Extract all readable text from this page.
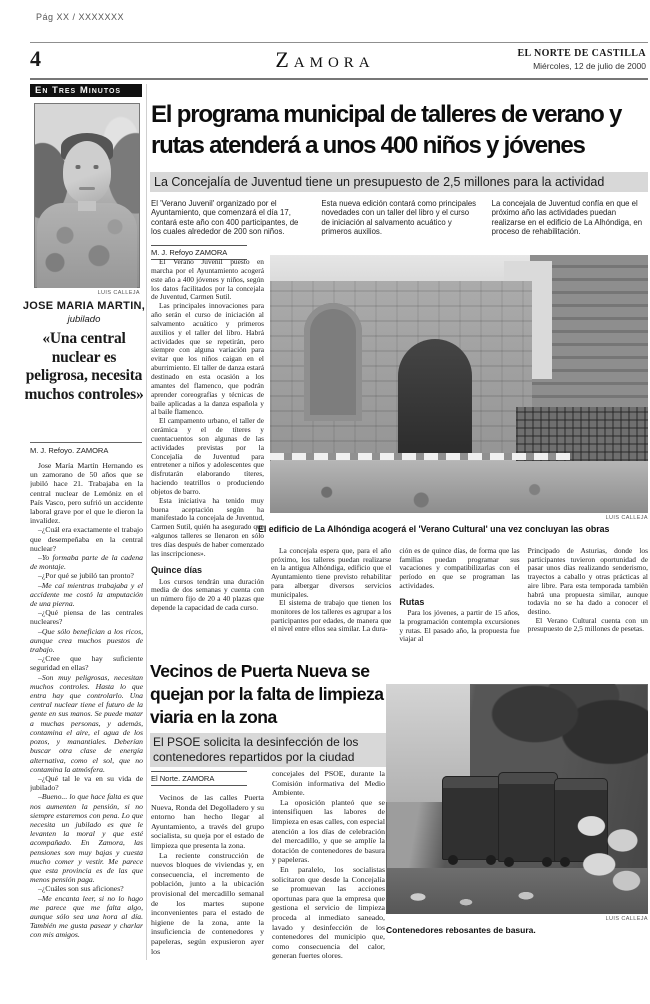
Pág XX / XXXXXXX
4	Zamora	EL NORTE DE CASTILLA
Miércoles, 12 de julio de 2000
En Tres Minutos
LUIS CALLEJA
JOSE MARIA MARTIN,
jubilado
«Una central nuclear es peligrosa, necesita muchos controles»
M. J. Refoyo. ZAMORA

Jose María Martín Hernando es un zamorano de 50 años que se jubiló hace 21. Trabajaba en la central nuclear de Lemóniz en el País Vasco, pero sufrió un accidente laboral grave por el que le dieron la invalidez.

–¿Cuál era exactamente el trabajo que desempeñaba en la central nuclear?

–Yo formaba parte de la cadena de montaje.

–¿Por qué se jubiló tan pronto?

–Me caí mientras trabajaba y el accidente me costó la amputación de una pierna.

–¿Qué piensa de las centrales nucleares?

–Que sólo benefician a los ricos, aunque crea muchos puestos de trabajo.

–¿Cree que hay suficiente seguridad en ellas?

–Son muy peligrosas, necesitan muchos controles. Hasta lo que entra hay que controlarlo. Una central nuclear tiene el futuro de la gente en sus manos. Se puede matar a muchas personas, y además, contamina el aire, el agua de los pozos, y manantiales. Deberían buscar otra clase de energía alternativa, como el sol, que no contamina la atmósfera.

–¿Qué tal le va en su vida de jubilado?

–Bueno... lo que hace falta es que nos aumenten la pensión, si no siempre estaremos con pena. Lo que necesita un jubilado es que le levanten la moral y que esté acompañado. En Zamora, las pensiones son muy bajas y cuesta mucho comer y vestir. Me parece que esta provincia es de las que menos pensión paga.

–¿Cuáles son sus aficiones?

–Me encanta leer, si no lo hago me parece que me falta algo, aunque sólo sea una hora al día. También me gusta pasear y charlar con mis amigos.

El programa municipal de talleres de verano y rutas atenderá a unos 400 niños y jóvenes
La Concejalía de Juventud tiene un presupuesto de 2,5 millones para la actividad

El 'Verano Juvenil' organizado por el Ayuntamiento, que comenzará el día 17, contará este año con 400 participantes, de los cuales alrededor de 200 son niños.

Esta nueva edición contará como principales novedades con un taller del libro y el curso de iniciación al salvamento acuático y primeros auxilios.

La concejala de Juventud confía en que el próximo año las actividades puedan realizarse en el edificio de La Alhóndiga, en proceso de rehabilitación.

M. J. Refoyo ZAMORA
LUIS CALLEJA
El edificio de La Alhóndiga acogerá el 'Verano Cultural' una vez concluyan las obras

El Verano Juvenil puesto en marcha por el Ayuntamiento acogerá este año a 400 jóvenes y niños, según los datos facilitados por la concejala de Juventud, Carmen Sutil.

Las principales innovaciones para año serán el curso de iniciación al salvamento acuático y primeros auxilios y el taller del libro. Habrá actividades que se repetirán, pero siempre con alguna variación para evitar que los niños caigan en el aburrimiento. El taller de danza estará destinado en esta ocasión a los amantes del flamenco, que podrán aprender coreografías y técnicas de baile aplicadas a la danza española y al baile flamenco.

El campamento urbano, el taller de cerámica y el de títeres y cuentacuentos son algunas de las actividades previstas por la Concejalía de Juventud para entretener a niños y adolescentes que disfrutarán elaborando títeres, haciendo teatrillos o produciendo objetos de barro.

Esta iniciativa ha tenido muy buena aceptación según ha manifestado la concejala de Juventud, Carmen Sutil, quién ha asegurado que «algunos talleres se llenaron en sólo tres días después de haber comenzado las inscripciones».

Quince días

Los cursos tendrán una duración media de dos semanas y cuenta con un número fijo de 20 a 40 plazas que depende la capacidad de cada curso.

La concejala espera que, para el año próximo, los talleres puedan realizarse en la antigua Alhóndiga, edificio que el Ayuntamiento tiene previsto rehabilitar para albergar diversos servicios municipales.

El sistema de trabajo que tienen los monitores de los talleres es agrupar a los participantes por edades, de manera que el nivel entre ellos sea similar. La dura-

ción es de quince días, de forma que las familias puedan programar sus vacaciones y compatibilizarlas con el período en que se programan las actividades.

Rutas

Para los jóvenes, a partir de 15 años, la programación contempla excursiones y rutas. El pasado año, la propuesta fue viajar al

Principado de Asturias, donde los participantes tuvieron oportunidad de pasar unos días realizando senderismo, trayectos a caballo y otras prácticas al aire libre. Para esta temporada también habrá una propuesta similar, aunque todavía no se ha dado a conocer el destino.

El Verano Cultural cuenta con un presupuesto de 2,5 millones de pesetas.

Vecinos de Puerta Nueva se quejan por la falta de limpieza viaria en la zona
El PSOE solicita la desinfección de los contenedores repartidos por la ciudad
El Norte. ZAMORA

Vecinos de las calles Puerta Nueva, Ronda del Degolladero y su entorno han hecho llegar al Ayuntamiento, a través del grupo socialista, su queja por el estado de limpieza que presenta la zona.

La reciente construcción de nuevos bloques de viviendas y, en consecuencia, el incremento de población, junto a la ubicación provisional del mercadillo semanal de los martes supone inconvenientes para el estado de higiene de la zona, ante la insuficiencia de contenedores y papeleras, según expusieron ayer los

concejales del PSOE, durante la Comisión informativa del Medio Ambiente.

La oposición planteó que se intensifiquen las labores de limpieza en esas calles, con especial atención a los días de celebración del mercadillo, y que se amplíe la dotación de contenedores de basura y papeleras.

En paralelo, los socialistas solicitaron que desde la Concejalía se promuevan las acciones oportunas para que la empresa que gestiona el servicio de limpieza proceda al inmediato saneado, lavado y desinfección de los contenedores del municipio que, como consecuencia del calor, generan fuertes olores.

LUIS CALLEJA
Contenedores rebosantes de basura.
